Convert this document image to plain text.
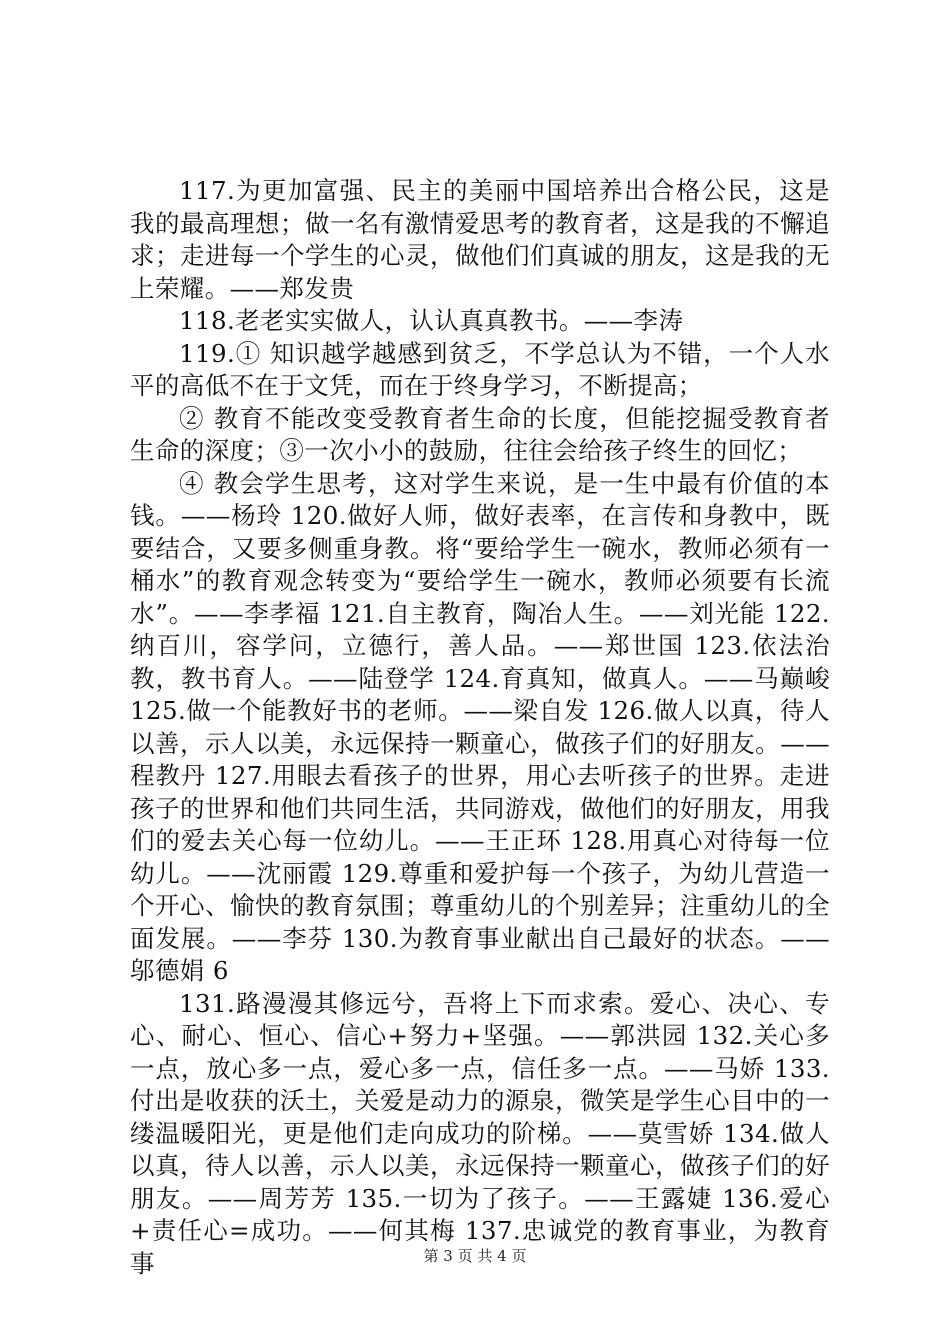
117.为更加富强、民主的美丽中国培养出合格公民，这是我的最高理想；做一名有激情爱思考的教育者，这是我的不懈追求；走进每一个学生的心灵，做他们们真诚的朋友，这是我的无上荣耀。——郑发贵

118.老老实实做人，认认真真教书。——李涛

119.① 知识越学越感到贫乏，不学总认为不错，一个人水平的高低不在于文凭，而在于终身学习，不断提高；

② 教育不能改变受教育者生命的长度，但能挖掘受教育者生命的深度；③一次小小的鼓励，往往会给孩子终生的回忆；

④ 教会学生思考，这对学生来说，是一生中最有价值的本钱。——杨玲 120.做好人师，做好表率，在言传和身教中，既要结合，又要多侧重身教。将“要给学生一碗水，教师必须有一桶水”的教育观念转变为“要给学生一碗水，教师必须要有长流水”。——李孝福 121.自主教育，陶冶人生。——刘光能 122.纳百川，容学问，立德行，善人品。——郑世国 123.依法治教，教书育人。——陆登学 124.育真知，做真人。——马巅峻 125.做一个能教好书的老师。——梁自发 126.做人以真，待人以善，示人以美，永远保持一颗童心，做孩子们的好朋友。——程教丹 127.用眼去看孩子的世界，用心去听孩子的世界。走进孩子的世界和他们共同生活，共同游戏，做他们的好朋友，用我们的爱去关心每一位幼儿。——王正环 128.用真心对待每一位幼儿。——沈丽霞 129.尊重和爱护每一个孩子，为幼儿营造一个开心、愉快的教育氛围；尊重幼儿的个别差异；注重幼儿的全面发展。——李芬 130.为教育事业献出自己最好的状态。——邬德娟 6

131.路漫漫其修远兮，吾将上下而求索。爱心、决心、专心、耐心、恒心、信心+努力+坚强。——郭洪园 132.关心多一点，放心多一点，爱心多一点，信任多一点。——马娇 133.付出是收获的沃土，关爱是动力的源泉，微笑是学生心目中的一缕温暖阳光，更是他们走向成功的阶梯。——莫雪娇 134.做人以真，待人以善，示人以美，永远保持一颗童心，做孩子们的好朋友。——周芳芳 135.一切为了孩子。——王露婕 136.爱心+责任心=成功。——何其梅 137.忠诚党的教育事业，为教育事	第 3 页 共 4 页
